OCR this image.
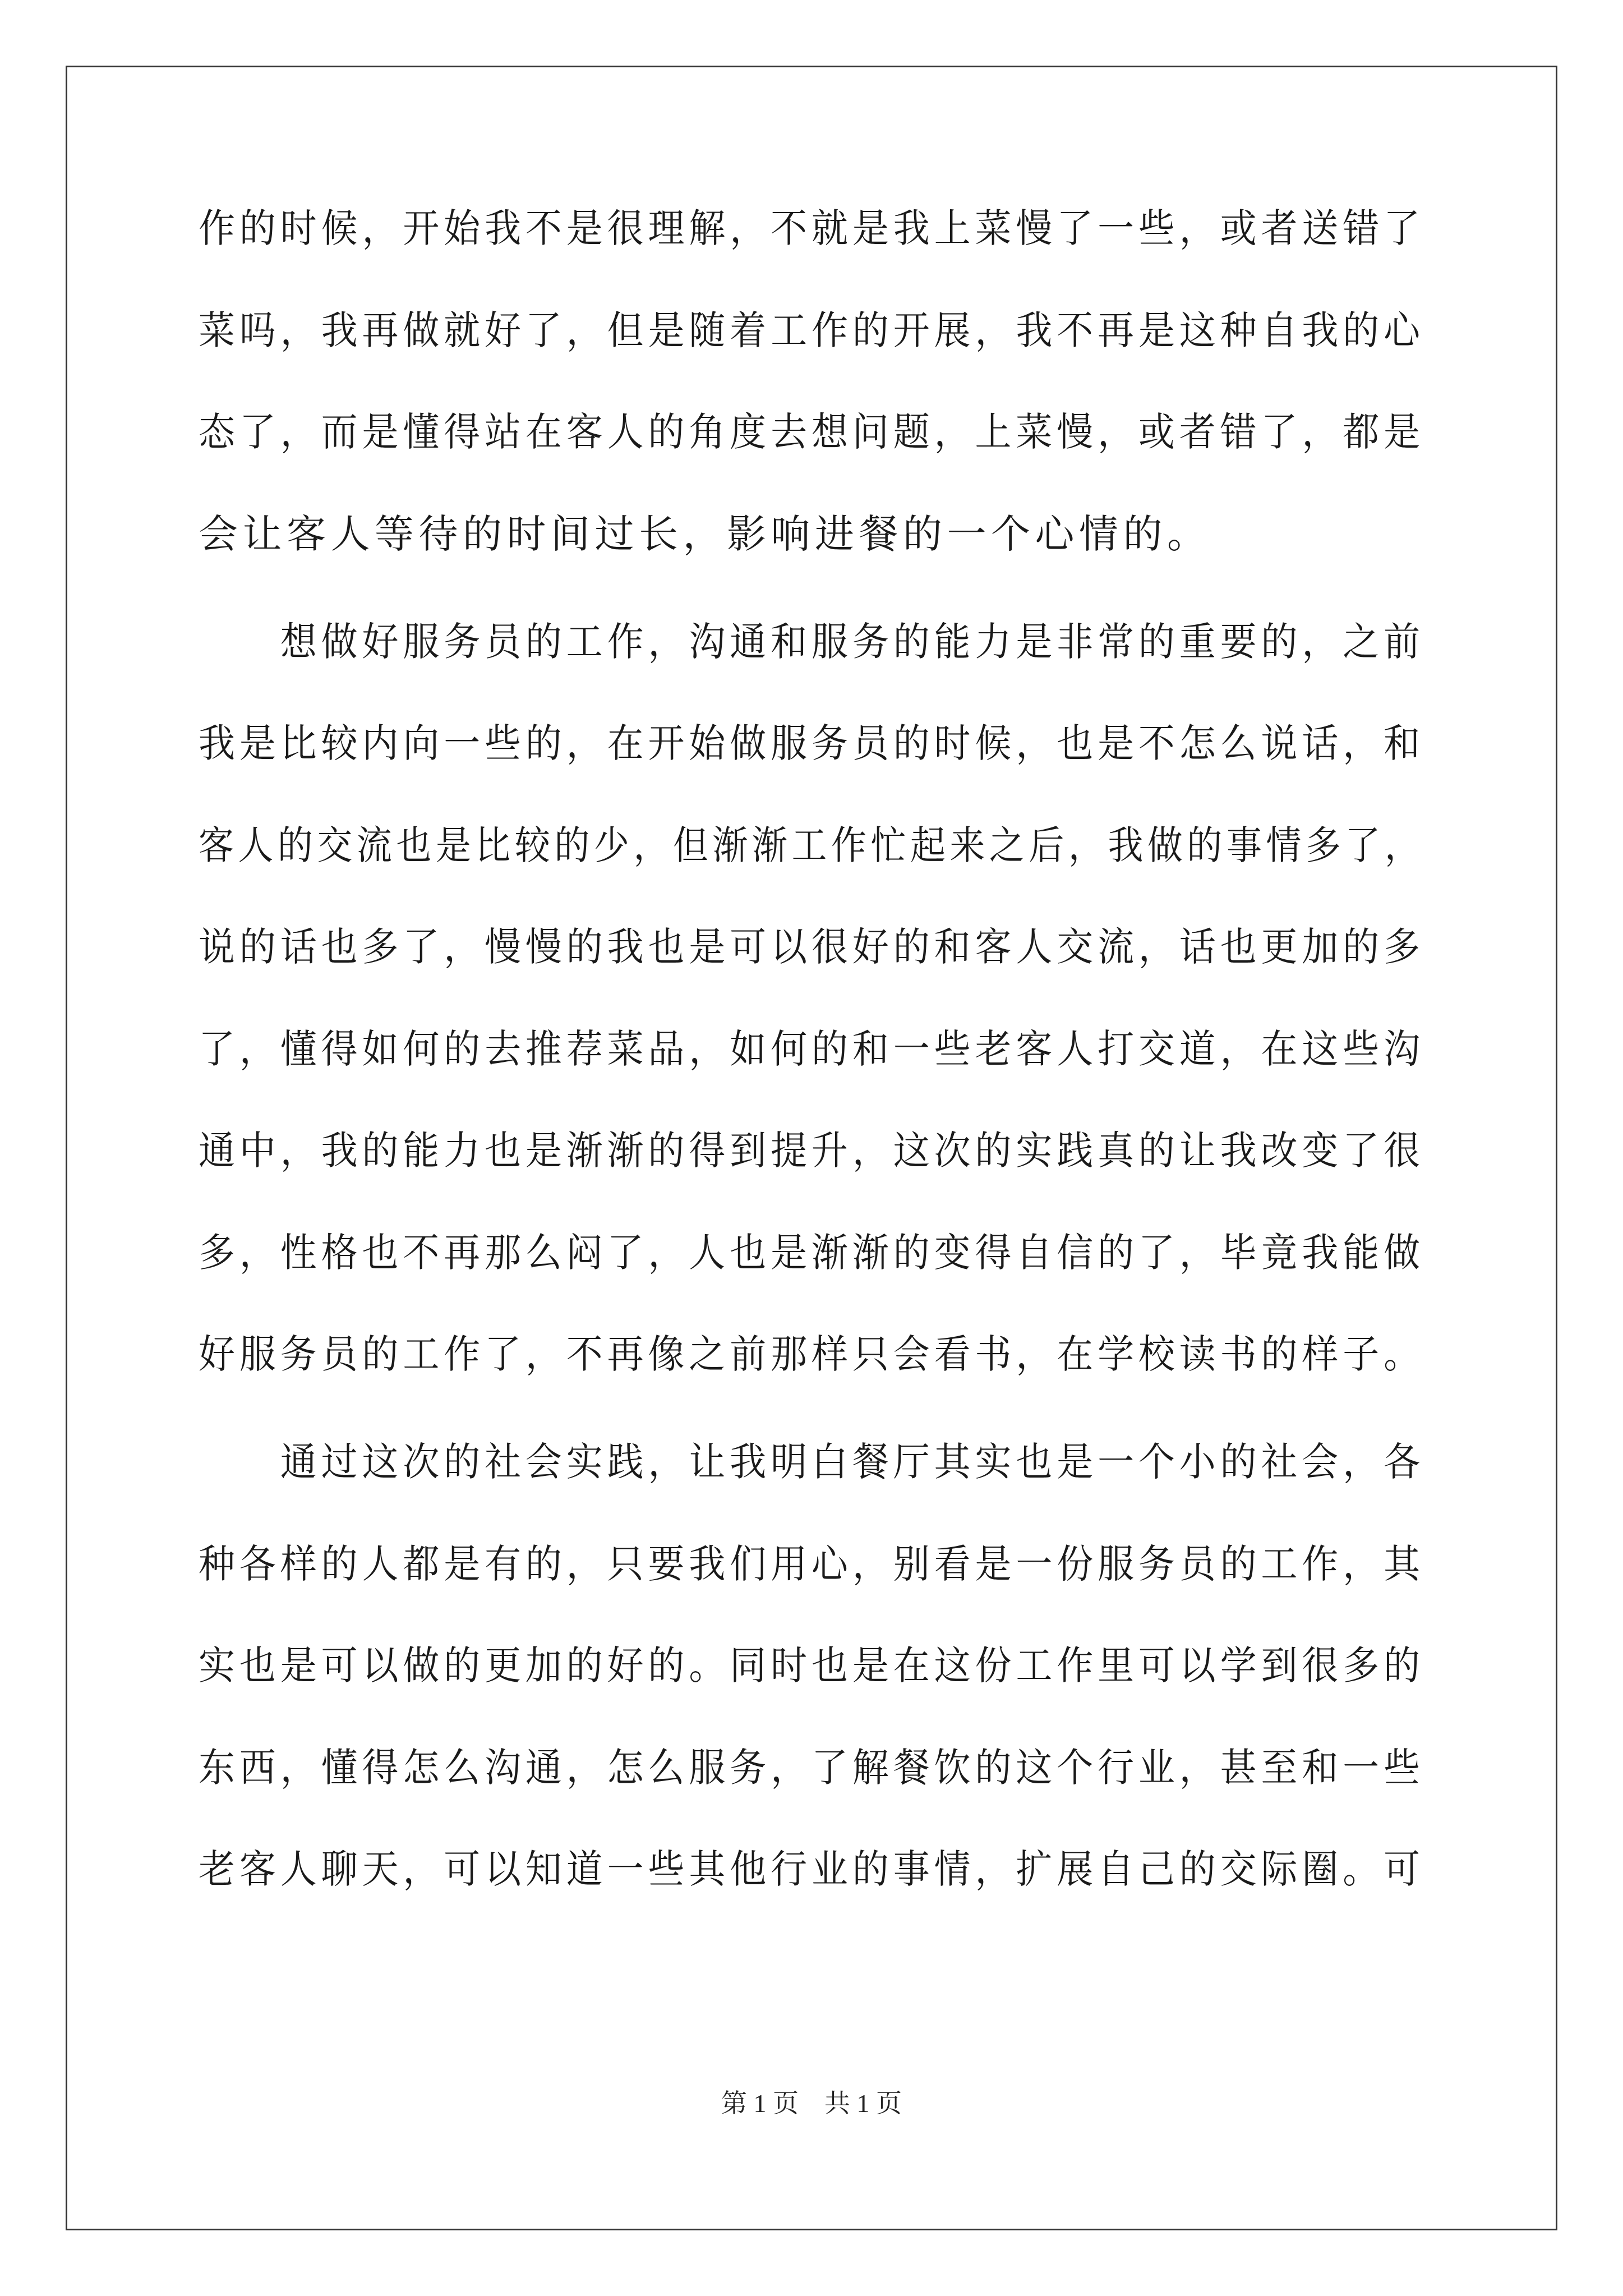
作的时候，开始我不是很理解，不就是我上菜慢了一些，或者送错了
菜吗，我再做就好了，但是随着工作的开展，我不再是这种自我的心
态了，而是懂得站在客人的角度去想问题，上菜慢，或者错了，都是
会让客人等待的时间过长，影响进餐的一个心情的。
　　想做好服务员的工作，沟通和服务的能力是非常的重要的，之前
我是比较内向一些的，在开始做服务员的时候，也是不怎么说话，和
客人的交流也是比较的少，但渐渐工作忙起来之后，我做的事情多了，
说的话也多了，慢慢的我也是可以很好的和客人交流，话也更加的多
了，懂得如何的去推荐菜品，如何的和一些老客人打交道，在这些沟
通中，我的能力也是渐渐的得到提升，这次的实践真的让我改变了很
多，性格也不再那么闷了，人也是渐渐的变得自信的了，毕竟我能做
好服务员的工作了，不再像之前那样只会看书，在学校读书的样子。
　　通过这次的社会实践，让我明白餐厅其实也是一个小的社会，各
种各样的人都是有的，只要我们用心，别看是一份服务员的工作，其
实也是可以做的更加的好的。同时也是在这份工作里可以学到很多的
东西，懂得怎么沟通，怎么服务，了解餐饮的这个行业，甚至和一些
老客人聊天，可以知道一些其他行业的事情，扩展自己的交际圈。可
第 1 页　共 1 页
